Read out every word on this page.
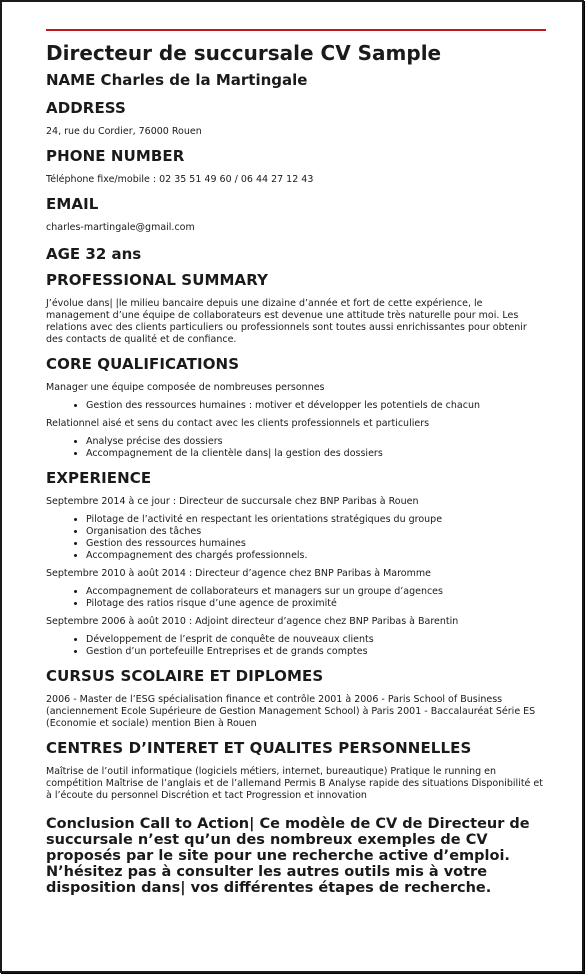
Directeur de succursale CV Sample
NAME Charles de la Martingale
ADDRESS

24, rue du Cordier, 76000 Rouen

PHONE NUMBER

Téléphone fixe/mobile : 02 35 51 49 60 / 06 44 27 12 43

EMAIL

charles-martingale@gmail.com

AGE 32 ans
PROFESSIONAL SUMMARY

J’évolue dans| |le milieu bancaire depuis une dizaine d’année et fort de cette expérience, le management d’une équipe de collaborateurs est devenue une attitude très naturelle pour moi. Les relations avec des clients particuliers ou professionnels sont toutes aussi enrichissantes pour obtenir des contacts de qualité et de confiance.

CORE QUALIFICATIONS

Manager une équipe composée de nombreuses personnes

• Gestion des ressources humaines : motiver et développer les potentiels de chacun

Relationnel aisé et sens du contact avec les clients professionnels et particuliers

• Analyse précise des dossiers
• Accompagnement de la clientèle dans| la gestion des dossiers
EXPERIENCE

Septembre 2014 à ce jour : Directeur de succursale chez BNP Paribas à Rouen

• Pilotage de l’activité en respectant les orientations stratégiques du groupe
• Organisation des tâches
• Gestion des ressources humaines
• Accompagnement des chargés professionnels.

Septembre 2010 à août 2014 : Directeur d’agence chez BNP Paribas à Maromme

• Accompagnement de collaborateurs et managers sur un groupe d’agences
• Pilotage des ratios risque d’une agence de proximité

Septembre 2006 à août 2010 : Adjoint directeur d’agence chez BNP Paribas à Barentin

• Développement de l’esprit de conquête de nouveaux clients
• Gestion d’un portefeuille Entreprises et de grands comptes
CURSUS SCOLAIRE ET DIPLOMES

2006 - Master de l’ESG spécialisation finance et contrôle 2001 à 2006 - Paris School of Business (anciennement Ecole Supérieure de Gestion Management School) à Paris 2001 - Baccalauréat Série ES (Economie et sociale) mention Bien à Rouen

CENTRES D’INTERET ET QUALITES PERSONNELLES

Maîtrise de l’outil informatique (logiciels métiers, internet, bureautique) Pratique le running en compétition Maîtrise de l’anglais et de l’allemand Permis B Analyse rapide des situations Disponibilité et à l’écoute du personnel Discrétion et tact Progression et innovation

Conclusion Call to Action| Ce modèle de CV de Directeur de succursale n’est qu’un des nombreux exemples de CV proposés par le site pour une recherche active d’emploi. N’hésitez pas à consulter les autres outils mis à votre disposition dans| vos différentes étapes de recherche.
